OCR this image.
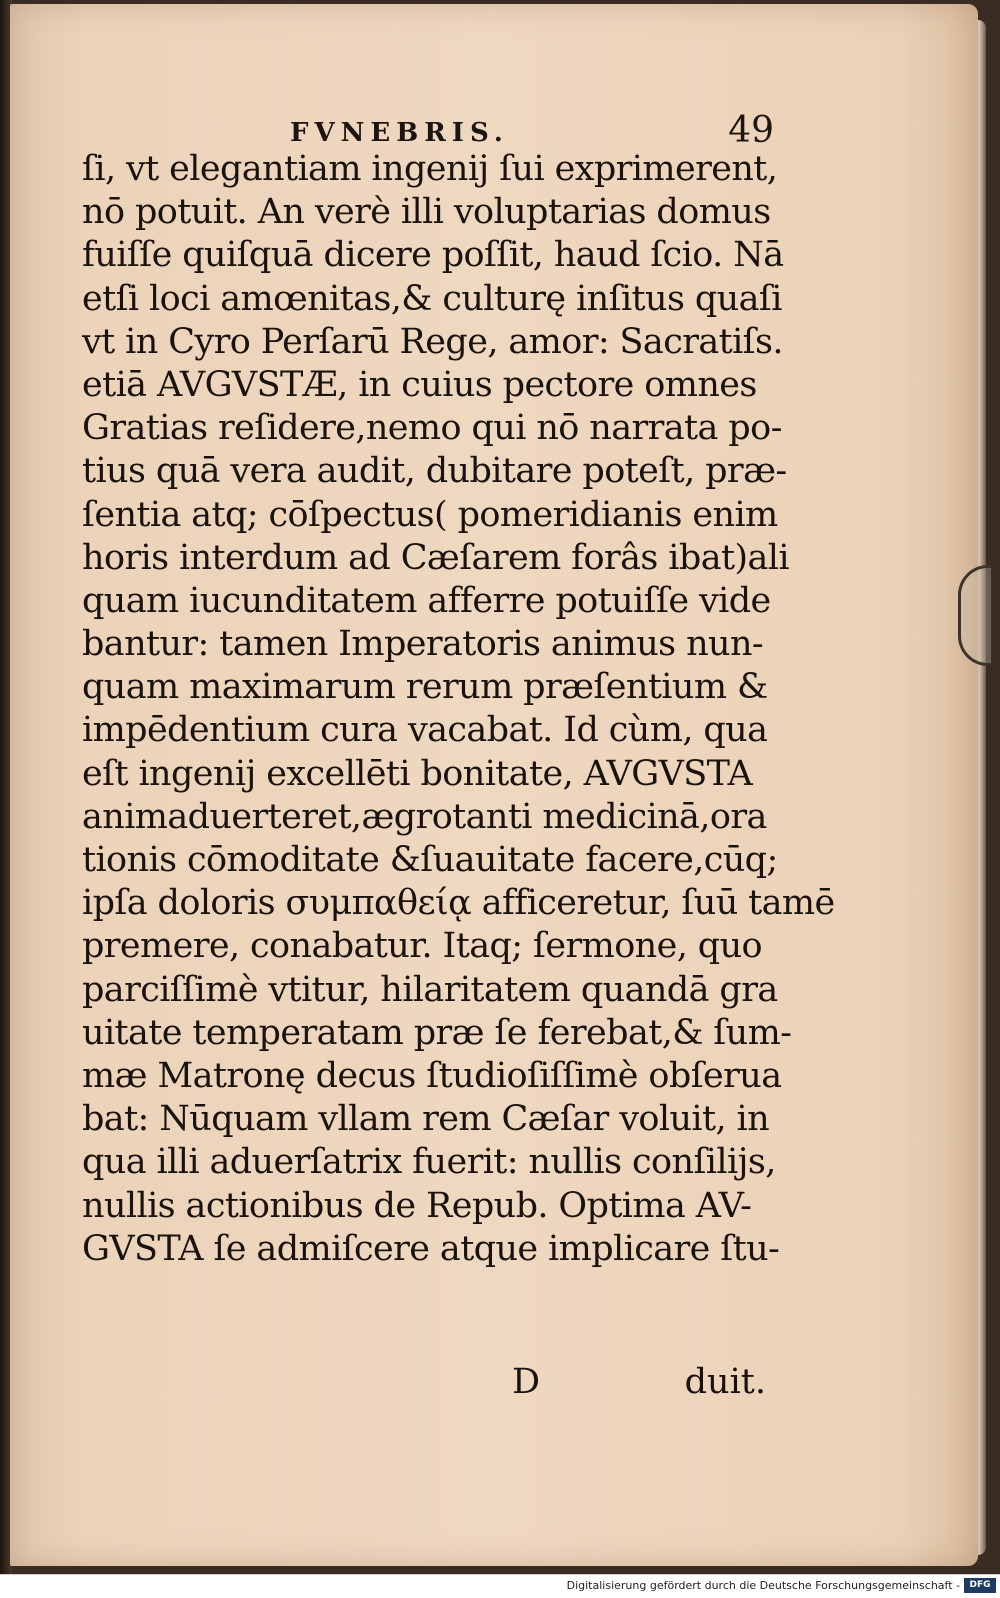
FVNEBRIS.	49
ſi, vt elegantiam ingenij ſui exprimerent,
nō potuit. An verè illi voluptarias domus
fuiſſe quiſquā dicere poſſit, haud ſcio. Nā
etſi loci amœnitas,& culturę inſitus quaſi
vt in Cyro Perſarū Rege, amor: Sacratiſs.
etiā AVGVSTÆ, in cuius pectore omnes
Gratias reſidere,nemo qui nō narrata po-
tius quā vera audit, dubitare poteſt, præ-
ſentia atq; cōſpectus( pomeridianis enim
horis interdum ad Cæſarem forâs ibat)ali
quam iucunditatem afferre potuiſſe vide
bantur: tamen Imperatoris animus nun-
quam maximarum rerum præſentium &
impēdentium cura vacabat. Id cùm, qua
eſt ingenij excellēti bonitate, AVGVSTA
animaduerteret,ægrotanti medicinā,ora
tionis cōmoditate &ſuauitate facere,cūq;
ipſa doloris συμπαθείᾳ afficeretur, ſuū tamē
premere, conabatur. Itaq; ſermone, quo
parciſſimè vtitur, hilaritatem quandā gra
uitate temperatam præ ſe ferebat,& ſum-
mæ Matronę decus ſtudioſiſſimè obſerua
bat: Nūquam vllam rem Cæſar voluit, in
qua illi aduerſatrix fuerit: nullis conſilijs,
nullis actionibus de Repub. Optima AV-
GVSTA ſe admiſcere atque implicare ſtu-
D	duit.
Digitalisierung gefördert durch die Deutsche Forschungsgemeinschaft -	DFG
